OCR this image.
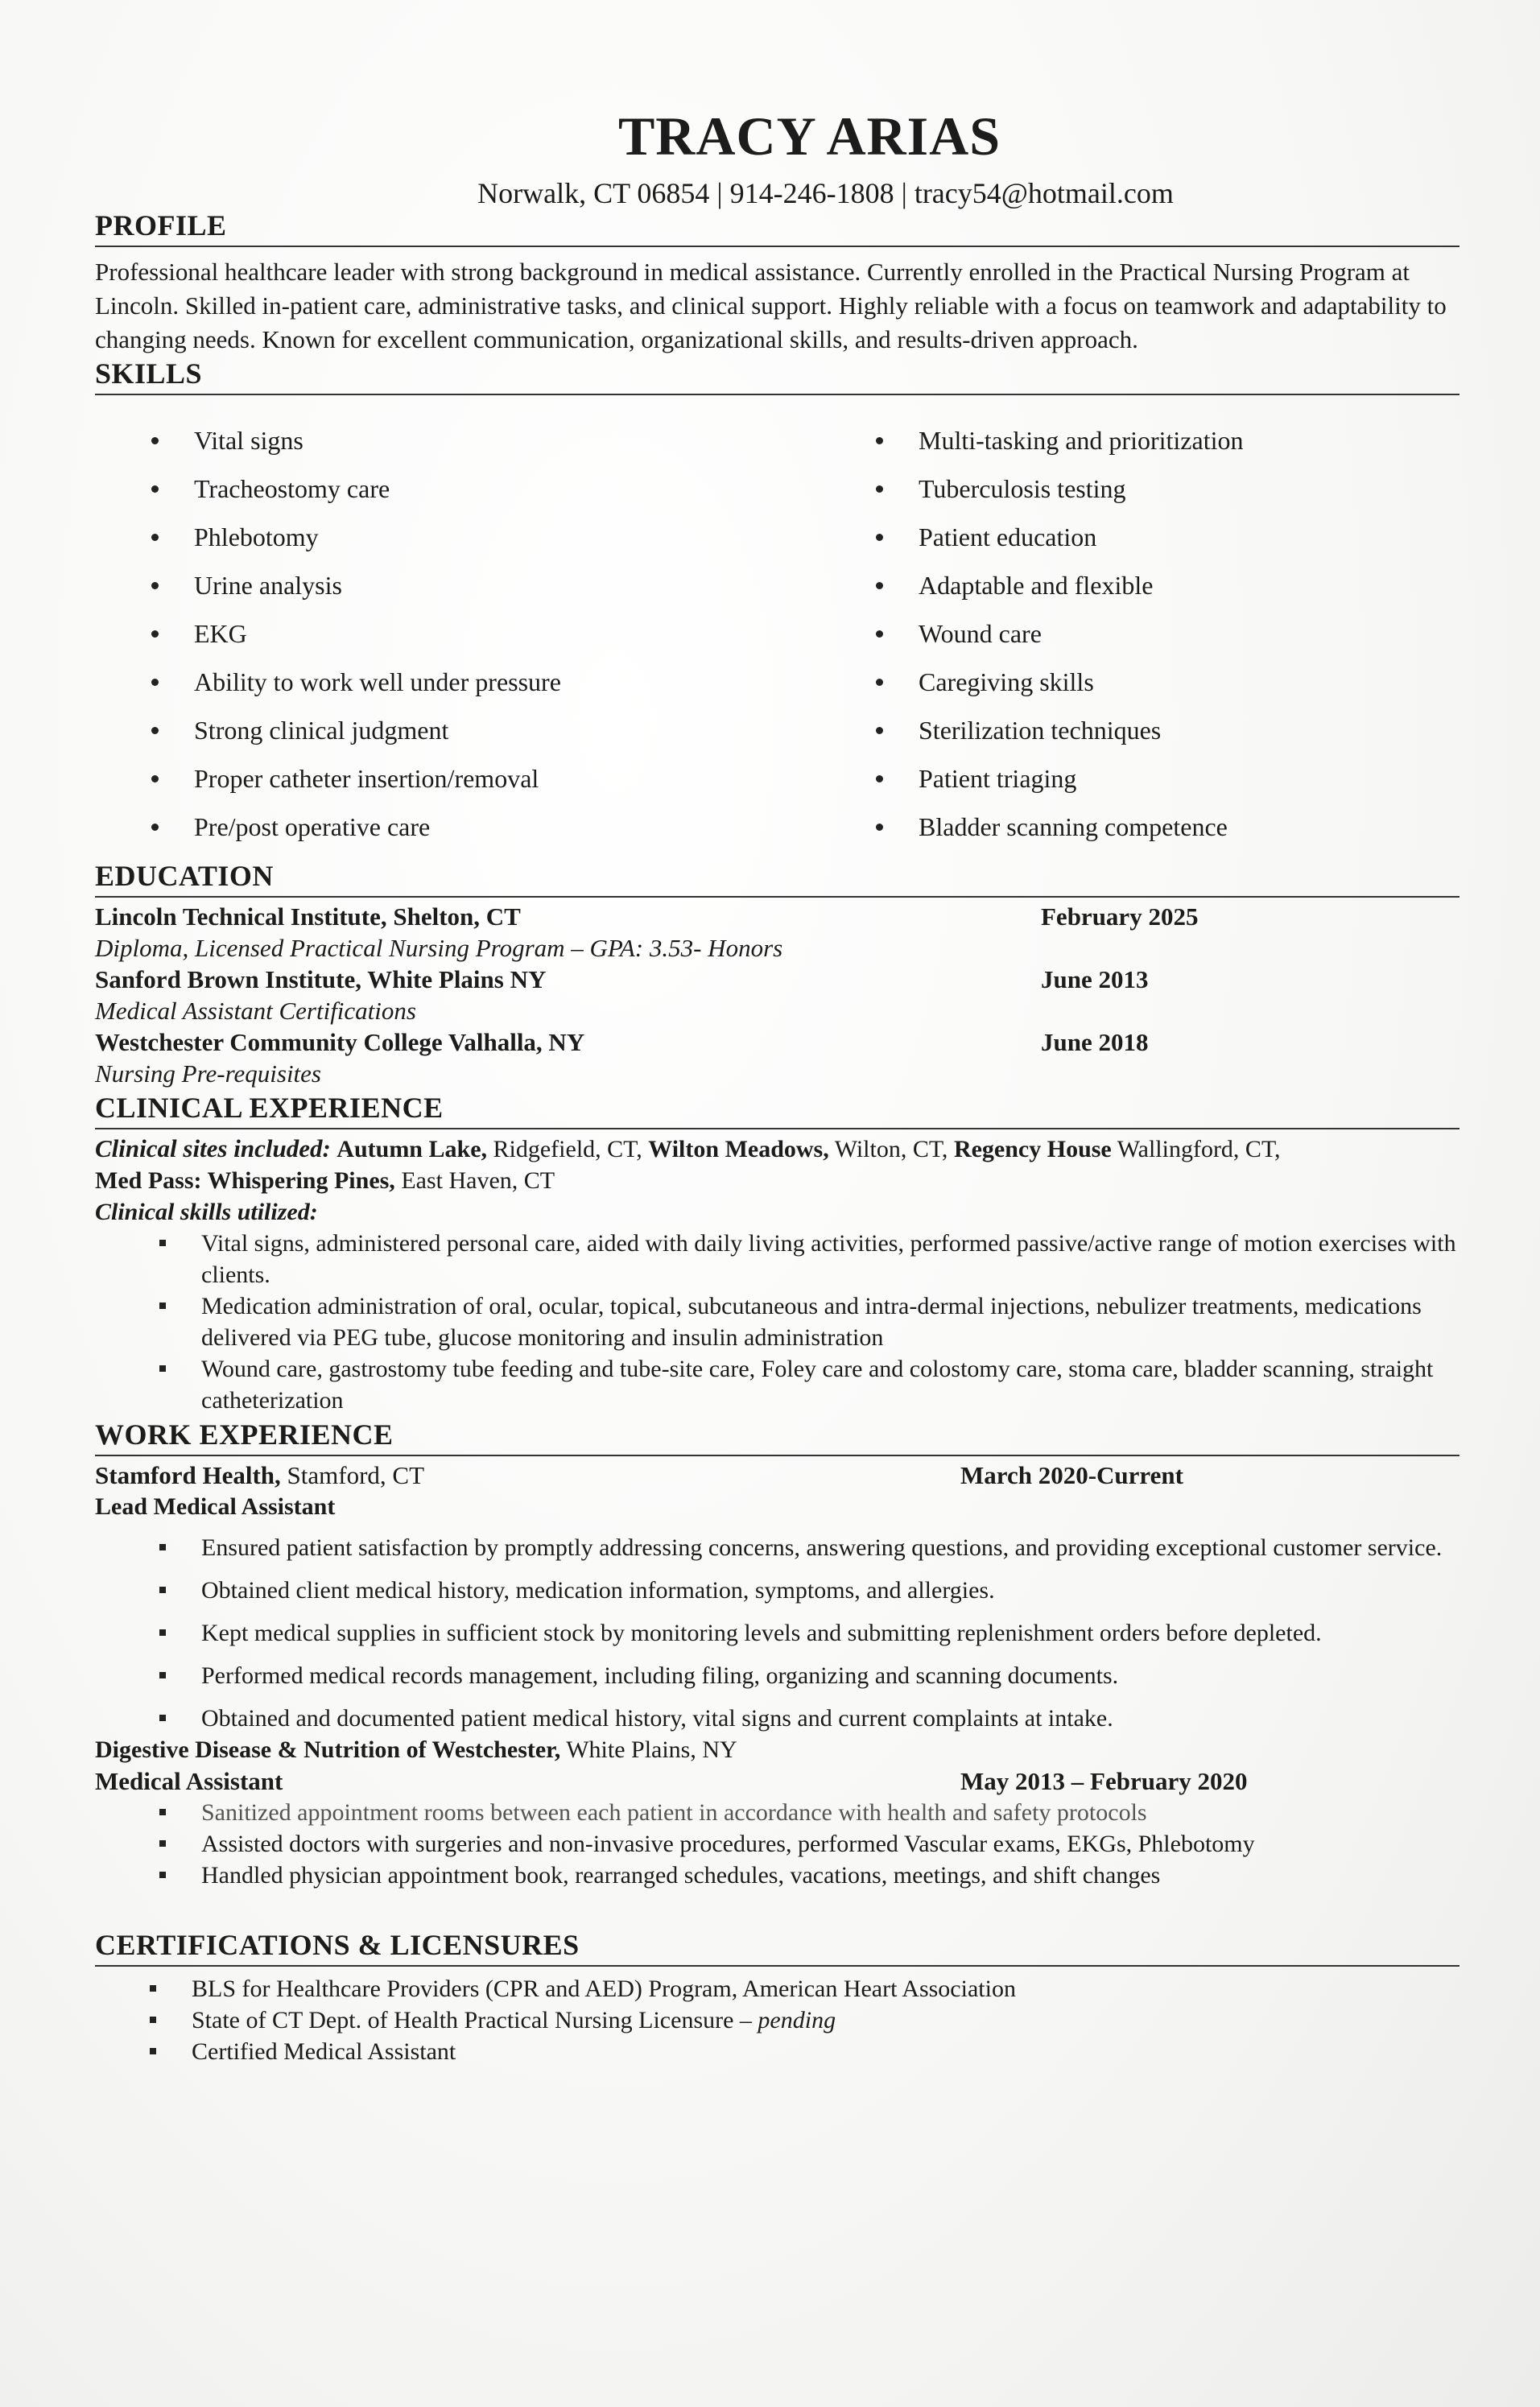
TRACY ARIAS
Norwalk, CT 06854 | 914-246-1808 | tracy54@hotmail.com
PROFILE

Professional healthcare leader with strong background in medical assistance. Currently enrolled in the Practical Nursing Program at Lincoln. Skilled in-patient care, administrative tasks, and clinical support. Highly reliable with a focus on teamwork and adaptability to changing needs. Known for excellent communication, organizational skills, and results-driven approach.

SKILLS
Vital signs
Tracheostomy care
Phlebotomy
Urine analysis
EKG
Ability to work well under pressure
Strong clinical judgment
Proper catheter insertion/removal
Pre/post operative care
Multi-tasking and prioritization
Tuberculosis testing
Patient education
Adaptable and flexible
Wound care
Caregiving skills
Sterilization techniques
Patient triaging
Bladder scanning competence
EDUCATION
Lincoln Technical Institute, Shelton, CT	February 2025
Diploma, Licensed Practical Nursing Program – GPA: 3.53- Honors
Sanford Brown Institute, White Plains NY	June 2013
Medical Assistant Certifications
Westchester Community College Valhalla, NY	June 2018
Nursing Pre-requisites
CLINICAL EXPERIENCE
Clinical sites included: Autumn Lake, Ridgefield, CT, Wilton Meadows, Wilton, CT, Regency House Wallingford, CT,
Med Pass: Whispering Pines, East Haven, CT
Clinical skills utilized:
Vital signs, administered personal care, aided with daily living activities, performed passive/active range of motion exercises with clients.
Medication administration of oral, ocular, topical, subcutaneous and intra-dermal injections, nebulizer treatments, medications delivered via PEG tube, glucose monitoring and insulin administration
Wound care, gastrostomy tube feeding and tube-site care, Foley care and colostomy care, stoma care, bladder scanning, straight catheterization
WORK EXPERIENCE
Stamford Health, Stamford, CT	March 2020-Current
Lead Medical Assistant
Ensured patient satisfaction by promptly addressing concerns, answering questions, and providing exceptional customer service.
Obtained client medical history, medication information, symptoms, and allergies.
Kept medical supplies in sufficient stock by monitoring levels and submitting replenishment orders before depleted.
Performed medical records management, including filing, organizing and scanning documents.
Obtained and documented patient medical history, vital signs and current complaints at intake.
Digestive Disease & Nutrition of Westchester, White Plains, NY
Medical Assistant	May 2013 – February 2020
Sanitized appointment rooms between each patient in accordance with health and safety protocols
Assisted doctors with surgeries and non-invasive procedures, performed Vascular exams, EKGs, Phlebotomy
Handled physician appointment book, rearranged schedules, vacations, meetings, and shift changes
CERTIFICATIONS & LICENSURES
BLS for Healthcare Providers (CPR and AED) Program, American Heart Association
State of CT Dept. of Health Practical Nursing Licensure – pending
Certified Medical Assistant
